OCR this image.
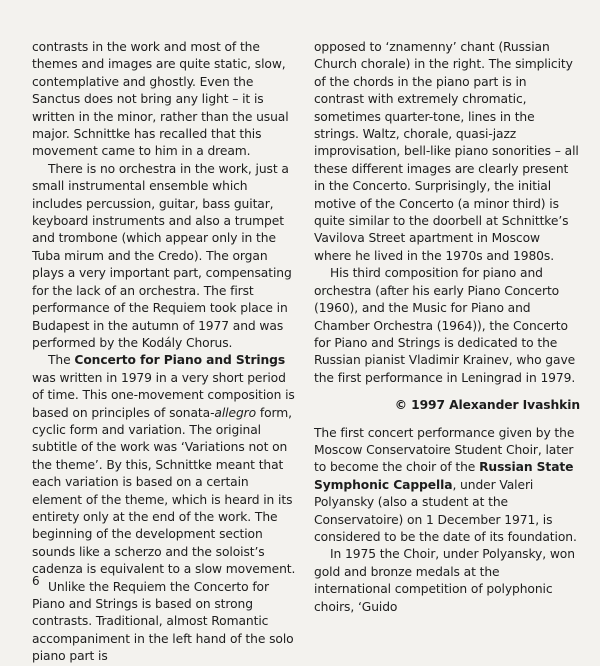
contrasts in the work and most of the themes and images are quite static, slow, contemplative and ghostly. Even the Sanctus does not bring any light – it is written in the minor, rather than the usual major. Schnittke has recalled that this movement came to him in a dream.

There is no orchestra in the work, just a small instrumental ensemble which includes percussion, guitar, bass guitar, keyboard instruments and also a trumpet and trombone (which appear only in the Tuba mirum and the Credo). The organ plays a very important part, compensating for the lack of an orchestra. The first performance of the Requiem took place in Budapest in the autumn of 1977 and was performed by the Kodály Chorus.

The Concerto for Piano and Strings was written in 1979 in a very short period of time. This one-movement composition is based on principles of sonata-allegro form, cyclic form and variation. The original subtitle of the work was ‘Variations not on the theme’. By this, Schnittke meant that each variation is based on a certain element of the theme, which is heard in its entirety only at the end of the work. The beginning of the development section sounds like a scherzo and the soloist’s cadenza is equivalent to a slow movement.

Unlike the Requiem the Concerto for Piano and Strings is based on strong contrasts. Traditional, almost Romantic accompaniment in the left hand of the solo piano part is

opposed to ‘znamenny’ chant (Russian Church chorale) in the right. The simplicity of the chords in the piano part is in contrast with extremely chromatic, sometimes quarter-tone, lines in the strings. Waltz, chorale, quasi-jazz improvisation, bell-like piano sonorities – all these different images are clearly present in the Concerto. Surprisingly, the initial motive of the Concerto (a minor third) is quite similar to the doorbell at Schnittke’s Vavilova Street apartment in Moscow where he lived in the 1970s and 1980s.

His third composition for piano and orchestra (after his early Piano Concerto (1960), and the Music for Piano and Chamber Orchestra (1964)), the Concerto for Piano and Strings is dedicated to the Russian pianist Vladimir Krainev, who gave the first performance in Leningrad in 1979.

© 1997 Alexander Ivashkin

The first concert performance given by the Moscow Conservatoire Student Choir, later to become the choir of the Russian State Symphonic Cappella, under Valeri Polyansky (also a student at the Conservatoire) on 1 December 1971, is considered to be the date of its foundation.

In 1975 the Choir, under Polyansky, won gold and bronze medals at the international competition of polyphonic choirs, ‘Guido

6
